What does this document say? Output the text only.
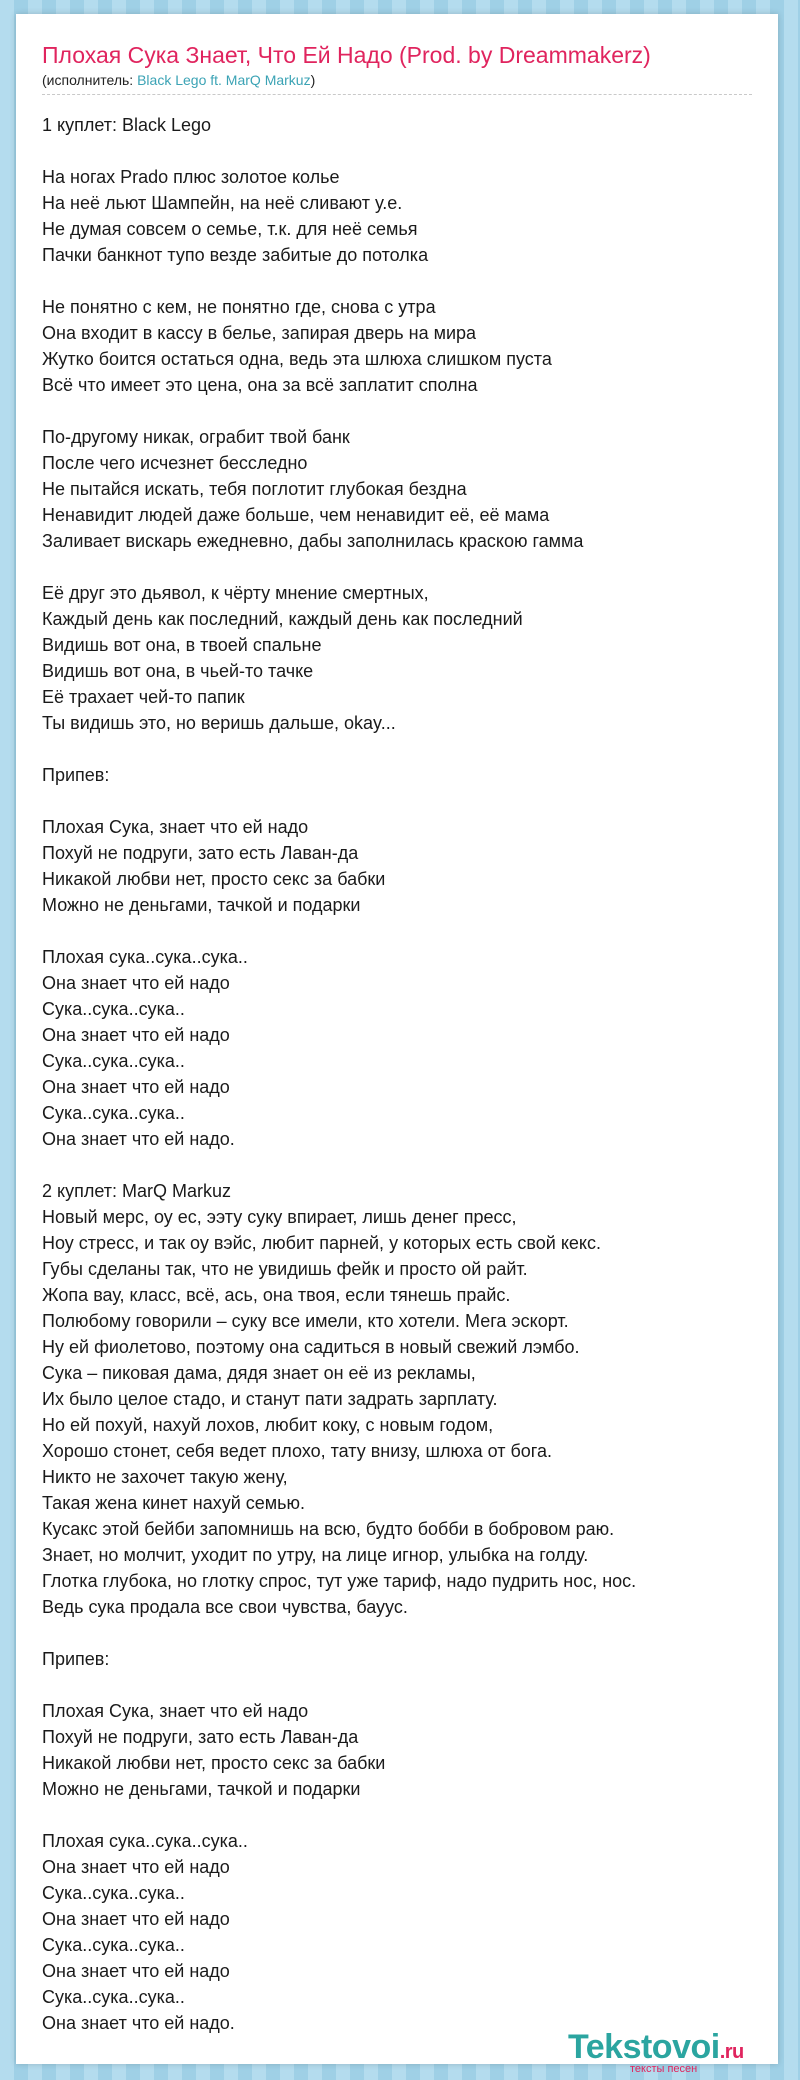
Плохая Сука Знает, Что Ей Надо (Prod. by Dreammakerz)
(исполнитель: Black Lego ft. MarQ Markuz)
1 куплет: Black Lego
На ногах Prado плюс золотое колье
На неё льют Шампейн, на неё сливают у.е.
Не думая совсем о семье, т.к. для неё семья
Пачки банкнот тупо везде забитые до потолка
Не понятно с кем, не понятно где, снова с утра
Она входит в кассу в белье, запирая дверь на мира
Жутко боится остаться одна, ведь эта шлюха слишком пуста
Всё что имеет это цена, она за всё заплатит сполна
По-другому никак, ограбит твой банк
После чего исчезнет бесследно
Не пытайся искать, тебя поглотит глубокая бездна
Ненавидит людей даже больше, чем ненавидит её, её мама
Заливает вискарь ежедневно, дабы заполнилась краскою гамма
Её друг это дьявол, к чёрту мнение смертных,
Каждый день как последний, каждый день как последний
Видишь вот она, в твоей спальне
Видишь вот она, в чьей-то тачке
Её трахает чей-то папик
Ты видишь это, но веришь дальше, okay...
Припев:
Плохая Сука, знает что ей надо
Похуй не подруги, зато есть Лаван-да
Никакой любви нет, просто секс за бабки
Можно не деньгами, тачкой и подарки
Плохая сука..сука..сука..
Она знает что ей надо
Сука..сука..сука..
Она знает что ей надо
Сука..сука..сука..
Она знает что ей надо
Сука..сука..сука..
Она знает что ей надо.
2 куплет: MarQ Markuz
Новый мерс, оу ес, ээту суку впирает, лишь денег пресс,
Ноу стресс, и так оу вэйс, любит парней, у которых есть свой кекс.
Губы сделаны так, что не увидишь фейк и просто ой райт.
Жопа вау, класс, всё, ась, она твоя, если тянешь прайс.
Полюбому говорили – суку все имели, кто хотели. Мега эскорт.
Ну ей фиолетово, поэтому она садиться в новый свежий лэмбо.
Сука – пиковая дама, дядя знает он её из рекламы,
Их было целое стадо, и станут пати задрать зарплату.
Но ей похуй, нахуй лохов, любит коку, с новым годом,
Хорошо стонет, себя ведет плохо, тату внизу, шлюха от бога.
Никто не захочет такую жену,
Такая жена кинет нахуй семью.
Кусакс этой бейби запомнишь на всю, будто бобби в бобровом раю.
Знает, но молчит, уходит по утру, на лице игнор, улыбка на голду.
Глотка глубока, но глотку спрос, тут уже тариф, надо пудрить нос, нос.
Ведь сука продала все свои чувства, бауус.
Припев:
Плохая Сука, знает что ей надо
Похуй не подруги, зато есть Лаван-да
Никакой любви нет, просто секс за бабки
Можно не деньгами, тачкой и подарки
Плохая сука..сука..сука..
Она знает что ей надо
Сука..сука..сука..
Она знает что ей надо
Сука..сука..сука..
Она знает что ей надо
Сука..сука..сука..
Она знает что ей надо.
Tekstovoi.ru
тексты песен
